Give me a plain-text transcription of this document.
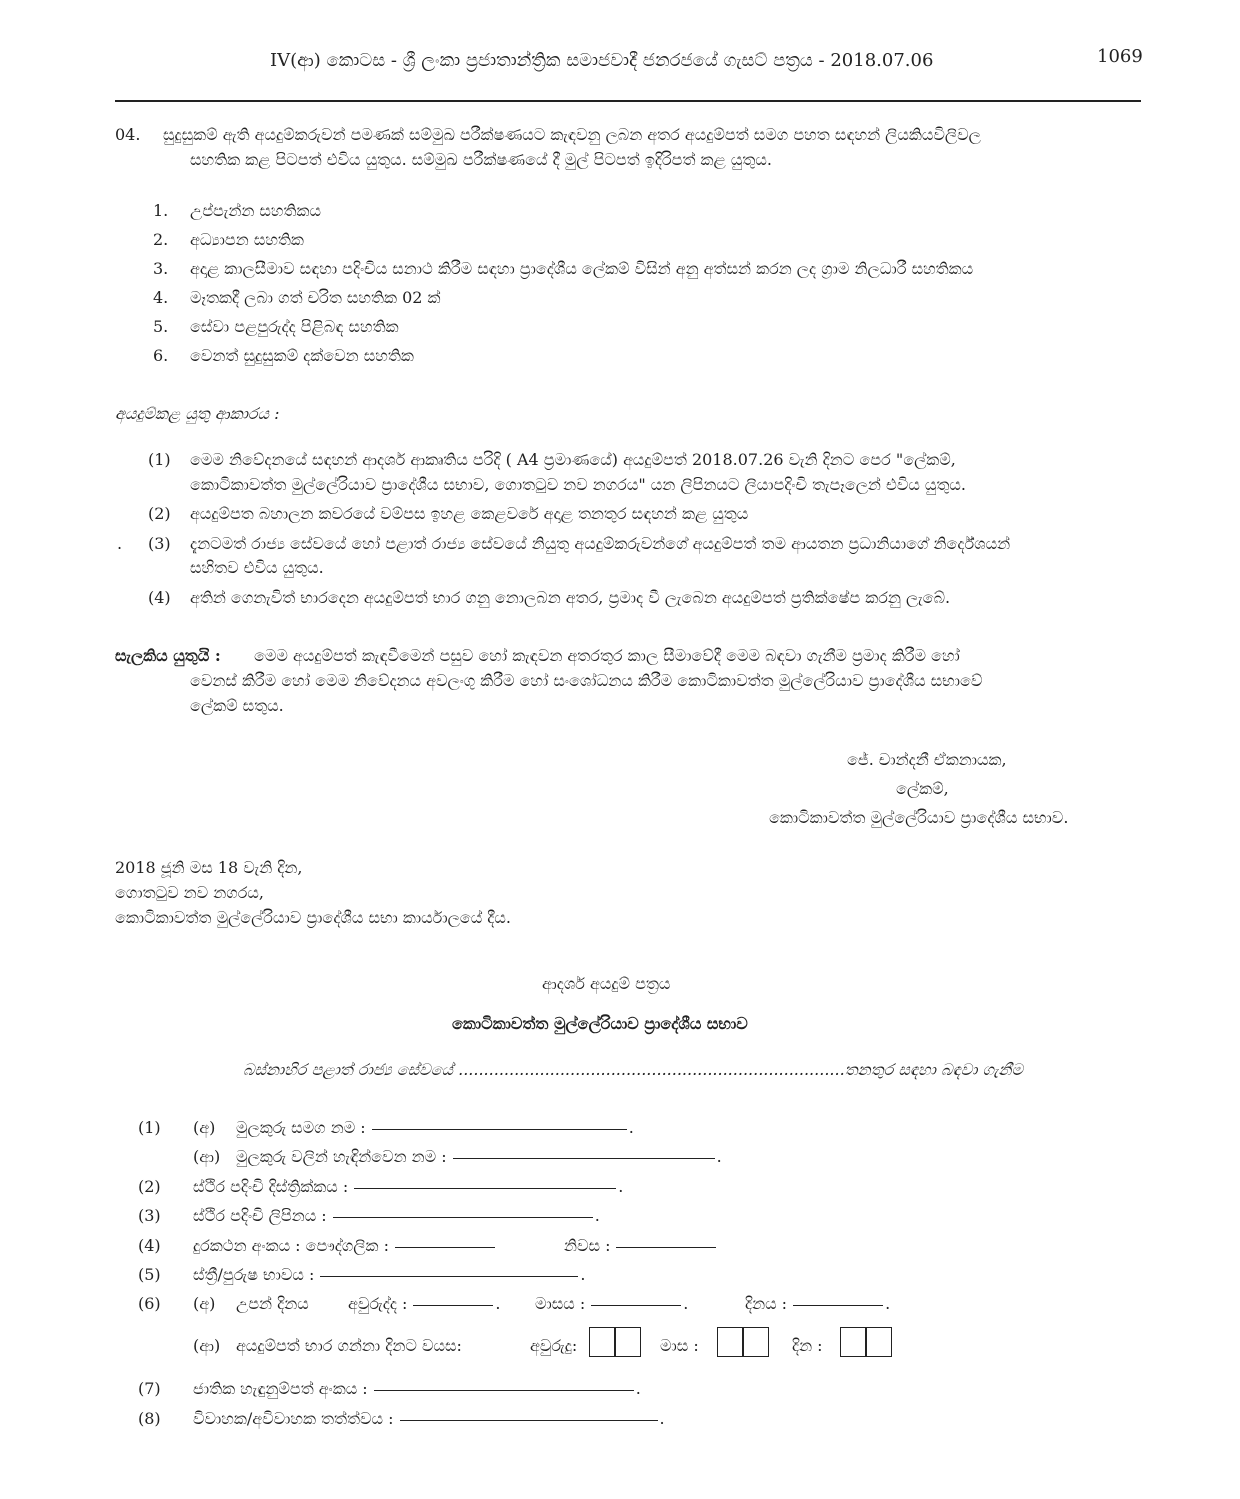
IV(ආ) කොටස - ශ්‍රී ලංකා ප්‍රජාතාන්ත්‍රික සමාජවාදී ජනරජයේ ගැසට් පත්‍රය - 2018.07.06	1069
04. සුදුසුකම් ඇති අයදුම්කරුවන් පමණක් සම්මුඛ පරීක්ෂණයට කැඳවනු ලබන අතර අයදුම්පත් සමග පහත සඳහන් ලියකියවිලිවල
සහතික කළ පිටපත් එවිය යුතුය. සම්මුඛ පරීක්ෂණයේ දී මුල් පිටපත් ඉදිරිපත් කළ යුතුය.
1. උප්පැන්න සහතිකය
2. අධ්‍යාපන සහතික
3. අදාළ කාලසීමාව සඳහා පදිංචිය සනාථ කිරීම සඳහා ප්‍රාදේශීය ලේකම් විසින් අනු අත්සන් කරන ලද ග්‍රාම නිලධාරී සහතිකය
4. මෑතකදී ලබා ගත් චරිත සහතික 02 ක්
5. සේවා පළපුරුද්ද පිළිබඳ සහතික
6. වෙනත් සුදුසුකම් දක්වෙන සහතික
අයදුම්කළ යුතු ආකාරය :
(1) මෙම නිවේදනයේ සඳහන් ආදර්ශ ආකෘතිය පරිදි ( A4 ප්‍රමාණයේ) අයදුම්පත් 2018.07.26 වැනි දිනට පෙර "ලේකම්,
කොටිකාවත්ත මුල්ලේරියාව ප්‍රාදේශීය සභාව, ගොතටුව නව නගරය" යන ලිපිනයට ලියාපදිංචි තැපෑලෙන් එවිය යුතුය.
(2) අයදුම්පත බහාලන කවරයේ වම්පස ඉහළ කෙළවරේ අදාළ තනතුර සඳහන් කළ යුතුය
. (3) දැනටමත් රාජ්‍ය සේවයේ හෝ පළාත් රාජ්‍ය සේවයේ නියුතු අයදුම්කරුවන්ගේ අයදුම්පත් තම ආයතන ප්‍රධානියාගේ නිර්දේශයන්
සහිතව එවිය යුතුය.
(4) අතින් ගෙනැවිත් භාරදෙන අයදුම්පත් භාර ගනු නොලබන අතර, ප්‍රමාද වී ලැබෙන අයදුම්පත් ප්‍රතික්ෂේප කරනු ලැබේ.
සැලකිය යුතුයි : මෙම අයදුම්පත් කැඳවීමෙන් පසුව හෝ කැඳවන අතරතුර කාල සීමාවේදී මෙම බඳවා ගැනීම ප්‍රමාද කිරීම හෝ
වෙනස් කිරීම හෝ මෙම නිවේදනය අවලංගු කිරීම හෝ සංශෝධනය කිරීම කොටිකාවත්ත මුල්ලේරියාව ප්‍රාදේශීය සභාවේ
ලේකම් සතුය.
ජේ. චාන්දනී ඒකනායක,
ලේකම්,
කොටිකාවත්ත මුල්ලේරියාව ප්‍රාදේශීය සභාව.
2018 ජූනි මස 18 වැනි දින,
ගොතටුව නව නගරය,
කොටිකාවත්ත මුල්ලේරියාව ප්‍රාදේශීය සභා කාර්යාලයේ දීය.
ආදර්ශ අයදුම් පත්‍රය
කොටිකාවත්ත මුල්ලේරියාව ප්‍රාදේශීය සභාව
බස්නාහිර පළාත් රාජ්‍ය සේවයේ ............................................................................තනතුර සඳහා බඳවා ගැනීම
(1) (අ) මුලකුරු සමග නම :	.
(ආ) මුලකුරු වලින් හැඳින්වෙන නම :	.
(2) ස්ථිර පදිංචි දිස්ත්‍රික්කය :	.
(3) ස්ථිර පදිංචි ලිපිනය :	.
(4) දුරකථන අංකය : පෞද්ගලික :	නිවස :
(5) ස්ත්‍රී/පුරුෂ භාවය :	.
(6) (අ) උපන් දිනය අවුරුද්ද :	. මාසය :	.	දිනය :	.
(ආ) අයදුම්පත් භාර ගන්නා දිනට වයස:	අවුරුදු:	මාස :	දින :
(7) ජාතික හැඳුනුම්පත් අංකය :	.
(8) විවාහක/අවිවාහක තත්ත්වය :	.
